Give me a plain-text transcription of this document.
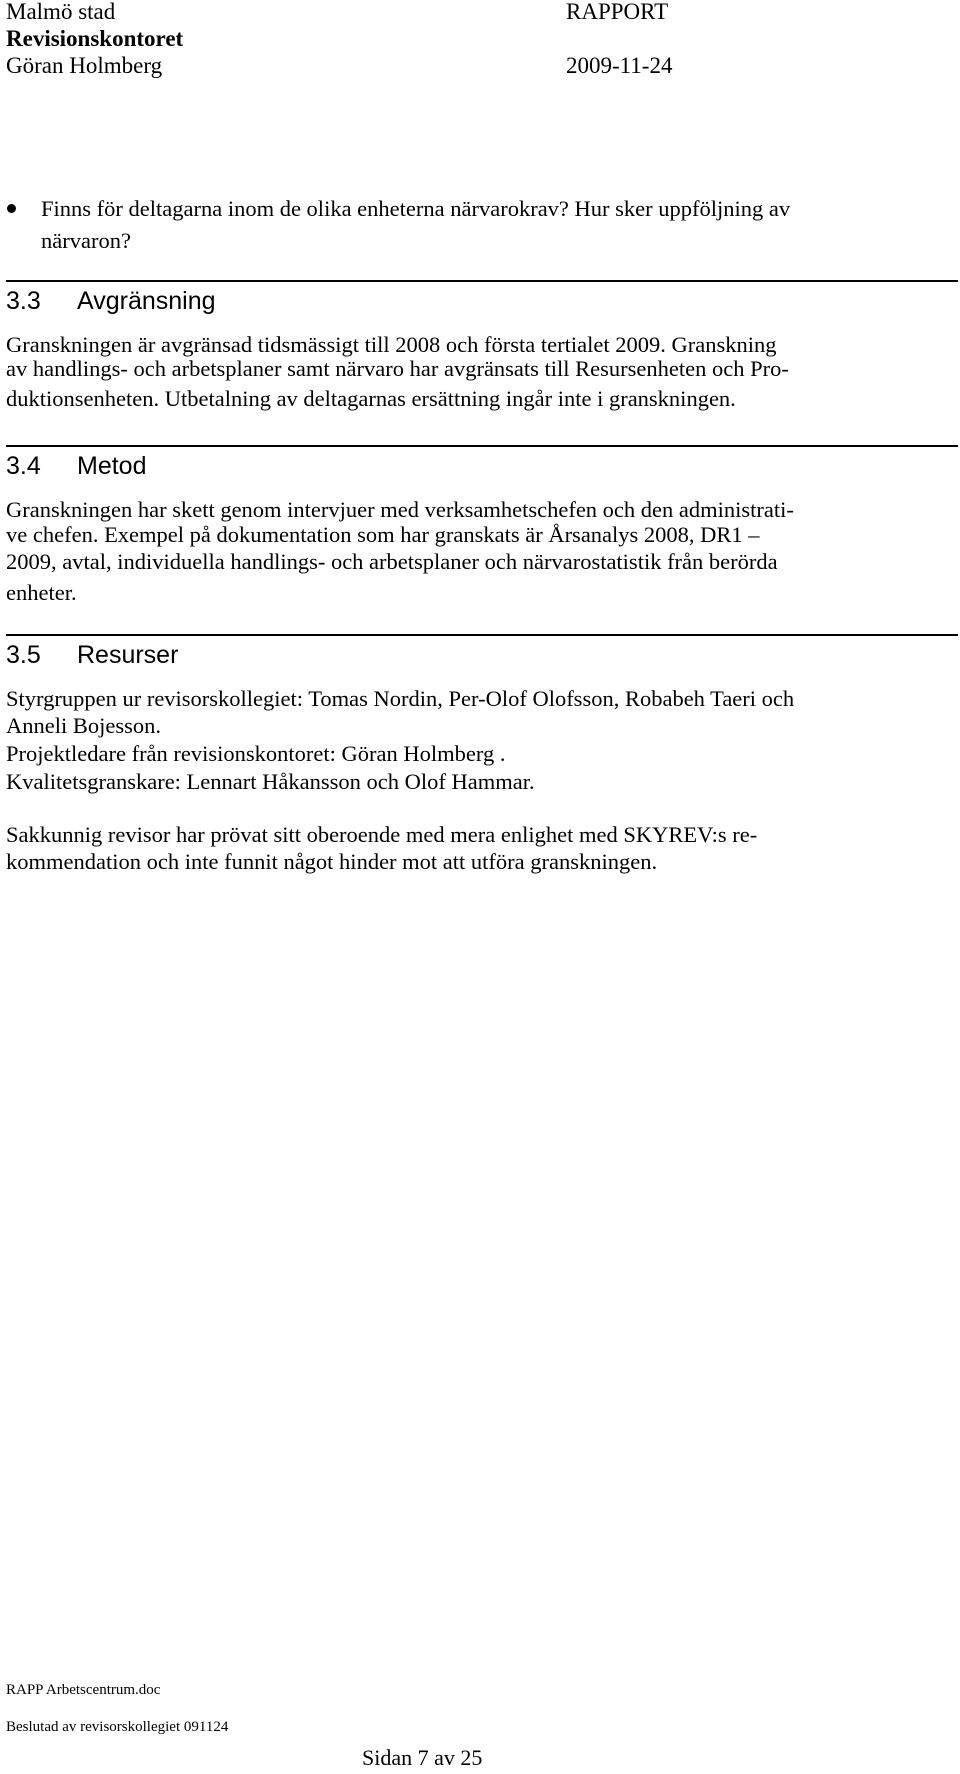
Malmö stad
Revisionskontoret
Göran Holmberg
RAPPORT
2009-11-24
Finns för deltagarna inom de olika enheterna närvarokrav? Hur sker uppföljning av
närvaron?
3.3 Avgränsning
Granskningen är avgränsad tidsmässigt till 2008 och första tertialet 2009. Granskning
av handlings- och arbetsplaner samt närvaro har avgränsats till Resursenheten och Pro-
duktionsenheten. Utbetalning av deltagarnas ersättning ingår inte i granskningen.
3.4 Metod
Granskningen har skett genom intervjuer med verksamhetschefen och den administrati-
ve chefen. Exempel på dokumentation som har granskats är Årsanalys 2008, DR1 –
2009, avtal, individuella handlings- och arbetsplaner och närvarostatistik från berörda
enheter.
3.5 Resurser
Styrgruppen ur revisorskollegiet: Tomas Nordin, Per-Olof Olofsson, Robabeh Taeri och
Anneli Bojesson.
Projektledare från revisionskontoret: Göran Holmberg .
Kvalitetsgranskare: Lennart Håkansson och Olof Hammar.
Sakkunnig revisor har prövat sitt oberoende med mera enlighet med SKYREV:s re-
kommendation och inte funnit något hinder mot att utföra granskningen.
RAPP Arbetscentrum.doc
Beslutad av revisorskollegiet 091124
Sidan 7 av 25
